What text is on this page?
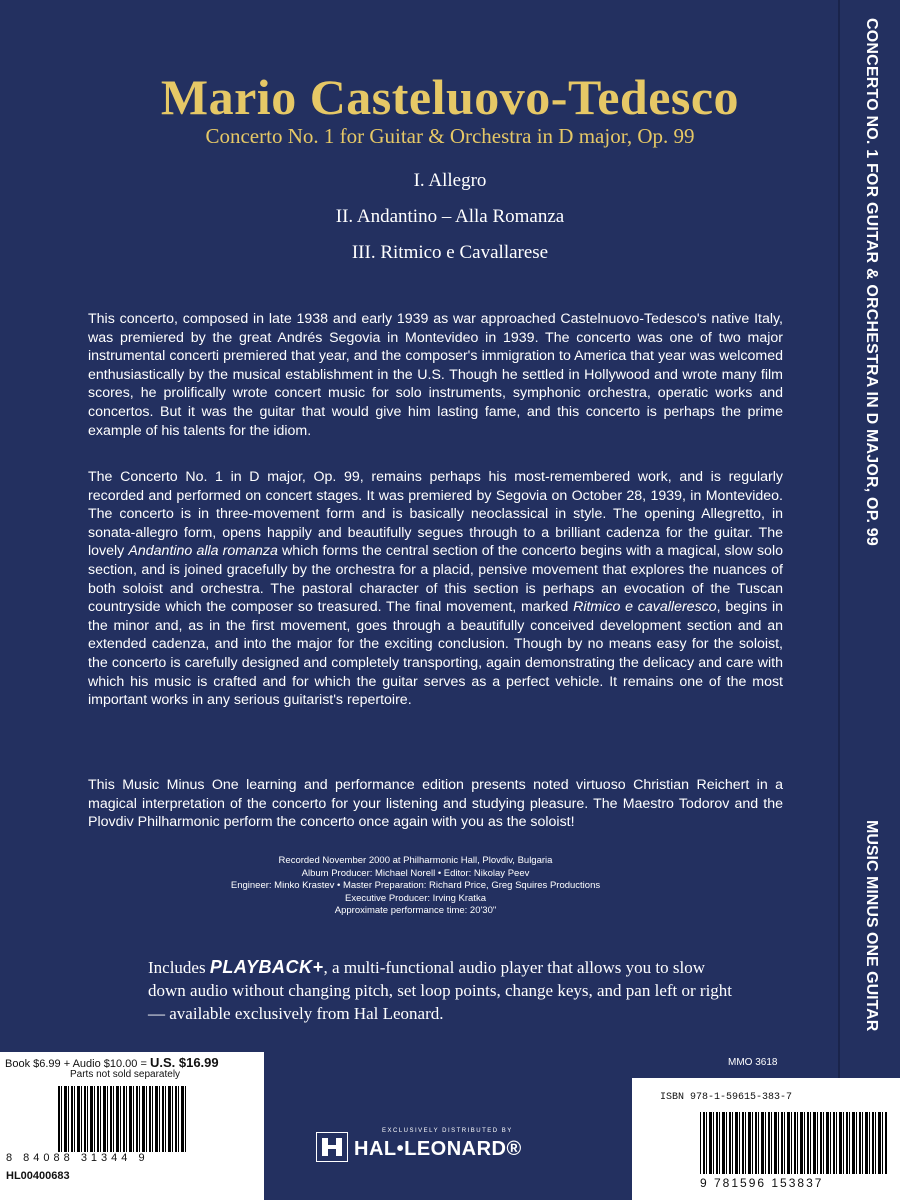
Mario Casteluovo-Tedesco
Concerto No. 1 for Guitar & Orchestra in D major, Op. 99
I. Allegro
II. Andantino – Alla Romanza
III. Ritmico e Cavallarese

This concerto, composed in late 1938 and early 1939 as war approached Castelnuovo-Tedesco's native Italy, was premiered by the great Andrés Segovia in Montevideo in 1939. The concerto was one of two major instrumental concerti premiered that year, and the composer's immigration to America that year was welcomed enthusiastically by the musical establishment in the U.S. Though he settled in Hollywood and wrote many film scores, he prolifically wrote concert music for solo instruments, symphonic orchestra, operatic works and concertos. But it was the guitar that would give him lasting fame, and this concerto is perhaps the prime example of his talents for the idiom.

The Concerto No. 1 in D major, Op. 99, remains perhaps his most-remembered work, and is regularly recorded and performed on concert stages. It was premiered by Segovia on October 28, 1939, in Montevideo. The concerto is in three-movement form and is basically neoclassical in style. The opening Allegretto, in sonata-allegro form, opens happily and beautifully segues through to a brilliant cadenza for the guitar. The lovely Andantino alla romanza which forms the central section of the concerto begins with a magical, slow solo section, and is joined gracefully by the orchestra for a placid, pensive movement that explores the nuances of both soloist and orchestra. The pastoral character of this section is perhaps an evocation of the Tuscan countryside which the composer so treasured. The final movement, marked Ritmico e cavalleresco, begins in the minor and, as in the first movement, goes through a beautifully conceived development section and an extended cadenza, and into the major for the exciting conclusion. Though by no means easy for the soloist, the concerto is carefully designed and completely transporting, again demonstrating the delicacy and care with which his music is crafted and for which the guitar serves as a perfect vehicle. It remains one of the most important works in any serious guitarist's repertoire.

This Music Minus One learning and performance edition presents noted virtuoso Christian Reichert in a magical interpretation of the concerto for your listening and studying pleasure. The Maestro Todorov and the Plovdiv Philharmonic perform the concerto once again with you as the soloist!

Recorded November 2000 at Philharmonic Hall, Plovdiv, Bulgaria
Album Producer: Michael Norell • Editor: Nikolay Peev
Engineer: Minko Krastev • Master Preparation: Richard Price, Greg Squires Productions
Executive Producer: Irving Kratka
Approximate performance time: 20'30"
Includes PLAYBACK+, a multi-functional audio player that allows you to slow
down audio without changing pitch, set loop points, change keys, and pan left or right
— available exclusively from Hal Leonard.
MMO 3618
Book $6.99 + Audio $10.00 = U.S. $16.99
Parts not sold separately
8 84088 31344 9
HL00400683
EXCLUSIVELY DISTRIBUTED BY
HAL•LEONARD®
CONCERTO NO. 1 FOR GUITAR & ORCHESTRA IN D MAJOR, OP. 99
MUSIC MINUS ONE GUITAR
ISBN 978-1-59615-383-7
9 781596 153837
